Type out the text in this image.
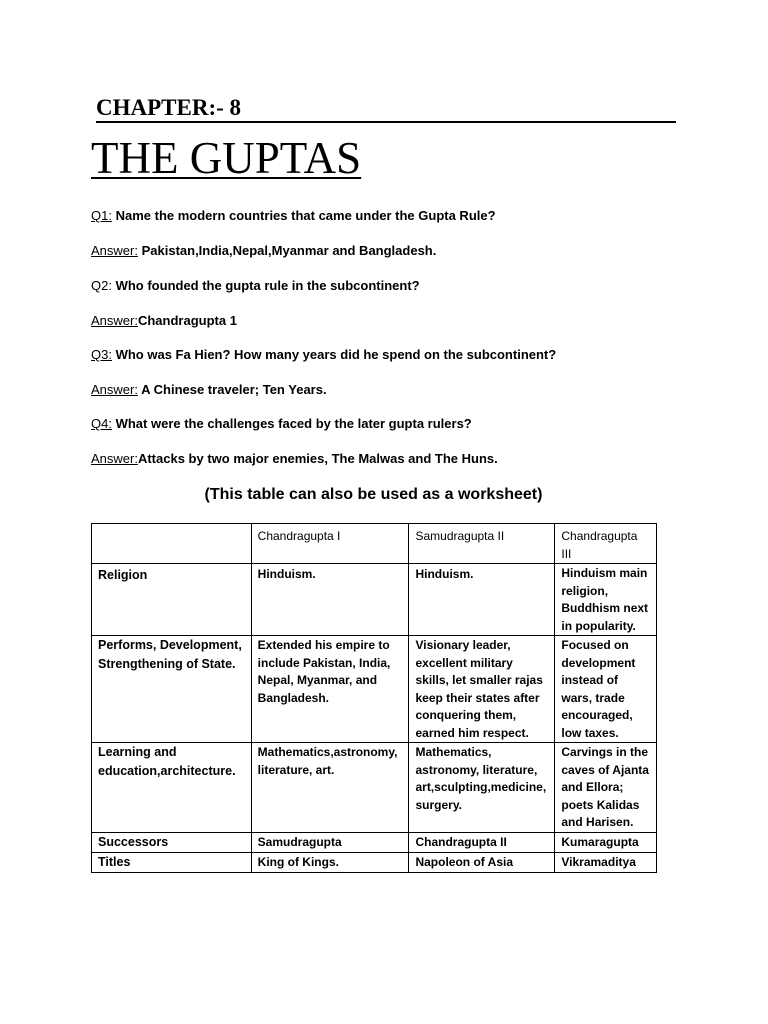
CHAPTER:- 8
THE GUPTAS
Q1: Name the modern countries that came under the Gupta Rule?
Answer: Pakistan,India,Nepal,Myanmar and Bangladesh.
Q2: Who founded the gupta rule in the subcontinent?
Answer:Chandragupta 1
Q3: Who was Fa Hien? How many years did he spend on the subcontinent?
Answer: A Chinese traveler; Ten Years.
Q4: What were the challenges faced by the later gupta rulers?
Answer:Attacks by two major enemies, The Malwas and The Huns.
(This table can also be used as a worksheet)
	Chandragupta I	Samudragupta II	Chandragupta III
Religion	Hinduism.	Hinduism.	Hinduism main religion, Buddhism next in popularity.
Performs, Development, Strengthening of State.	Extended his empire to include Pakistan, India, Nepal, Myanmar, and Bangladesh.	Visionary leader, excellent military skills, let smaller rajas keep their states after conquering them, earned him respect.	Focused on development instead of wars, trade encouraged, low taxes.
Learning and education,architecture.	Mathematics,astronomy, literature, art.	Mathematics, astronomy, literature, art,sculpting,medicine, surgery.	Carvings in the caves of Ajanta and Ellora; poets Kalidas and Harisen.
Successors	Samudragupta	Chandragupta II	Kumaragupta
Titles	King of Kings.	Napoleon of Asia	Vikramaditya
